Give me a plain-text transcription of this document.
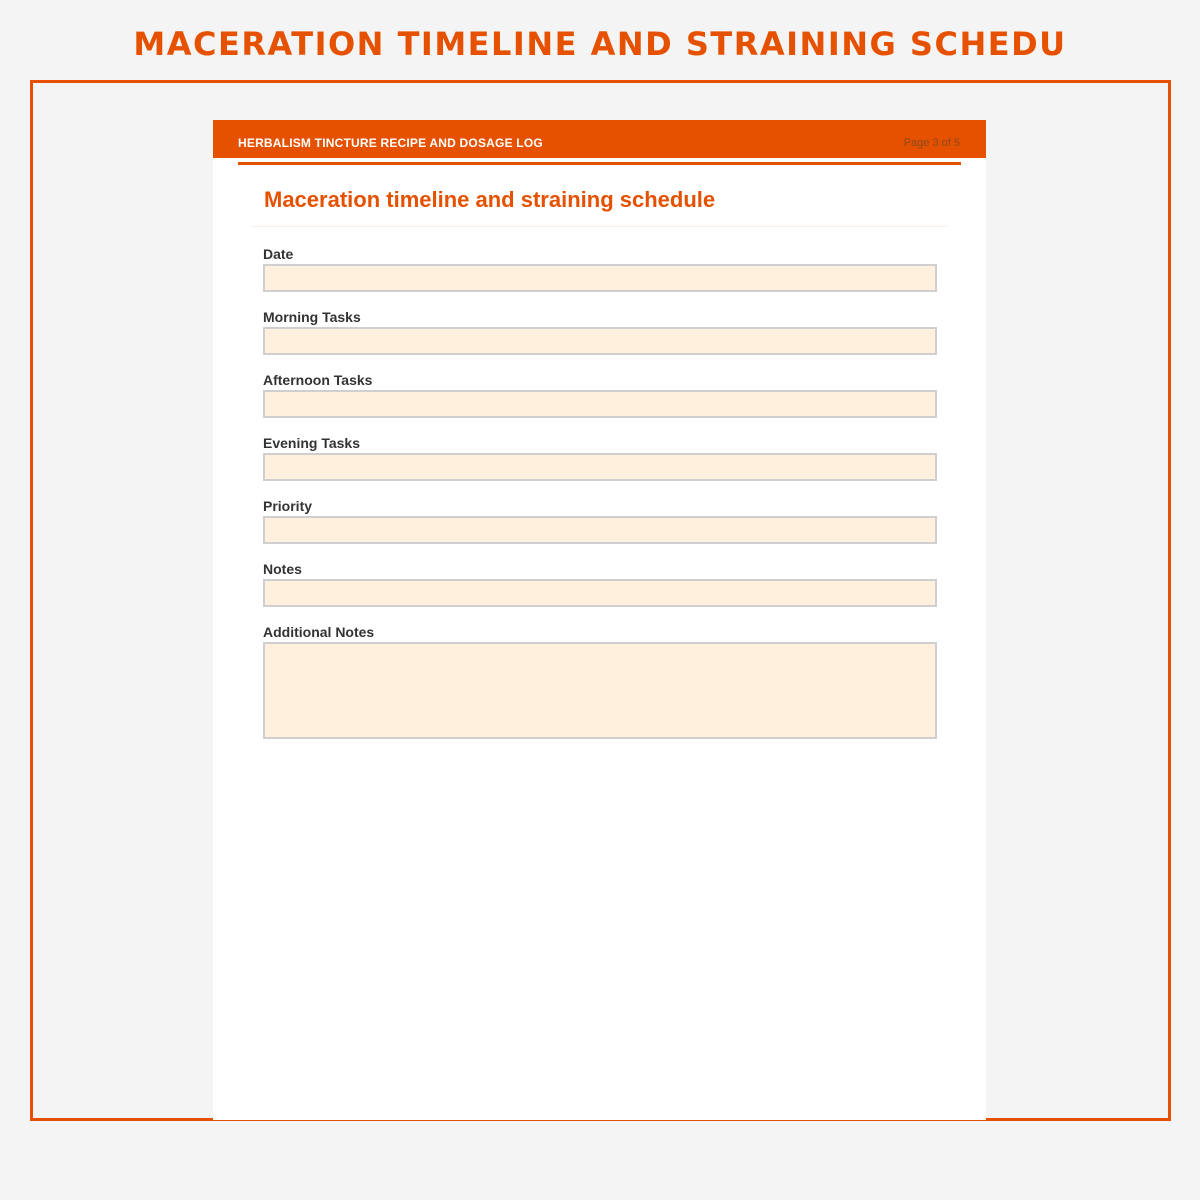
MACERATION TIMELINE AND STRAINING SCHEDU
HERBALISM TINCTURE RECIPE AND DOSAGE LOG	Page 3 of 5
Maceration timeline and straining schedule
Date
Morning Tasks
Afternoon Tasks
Evening Tasks
Priority
Notes
Additional Notes
